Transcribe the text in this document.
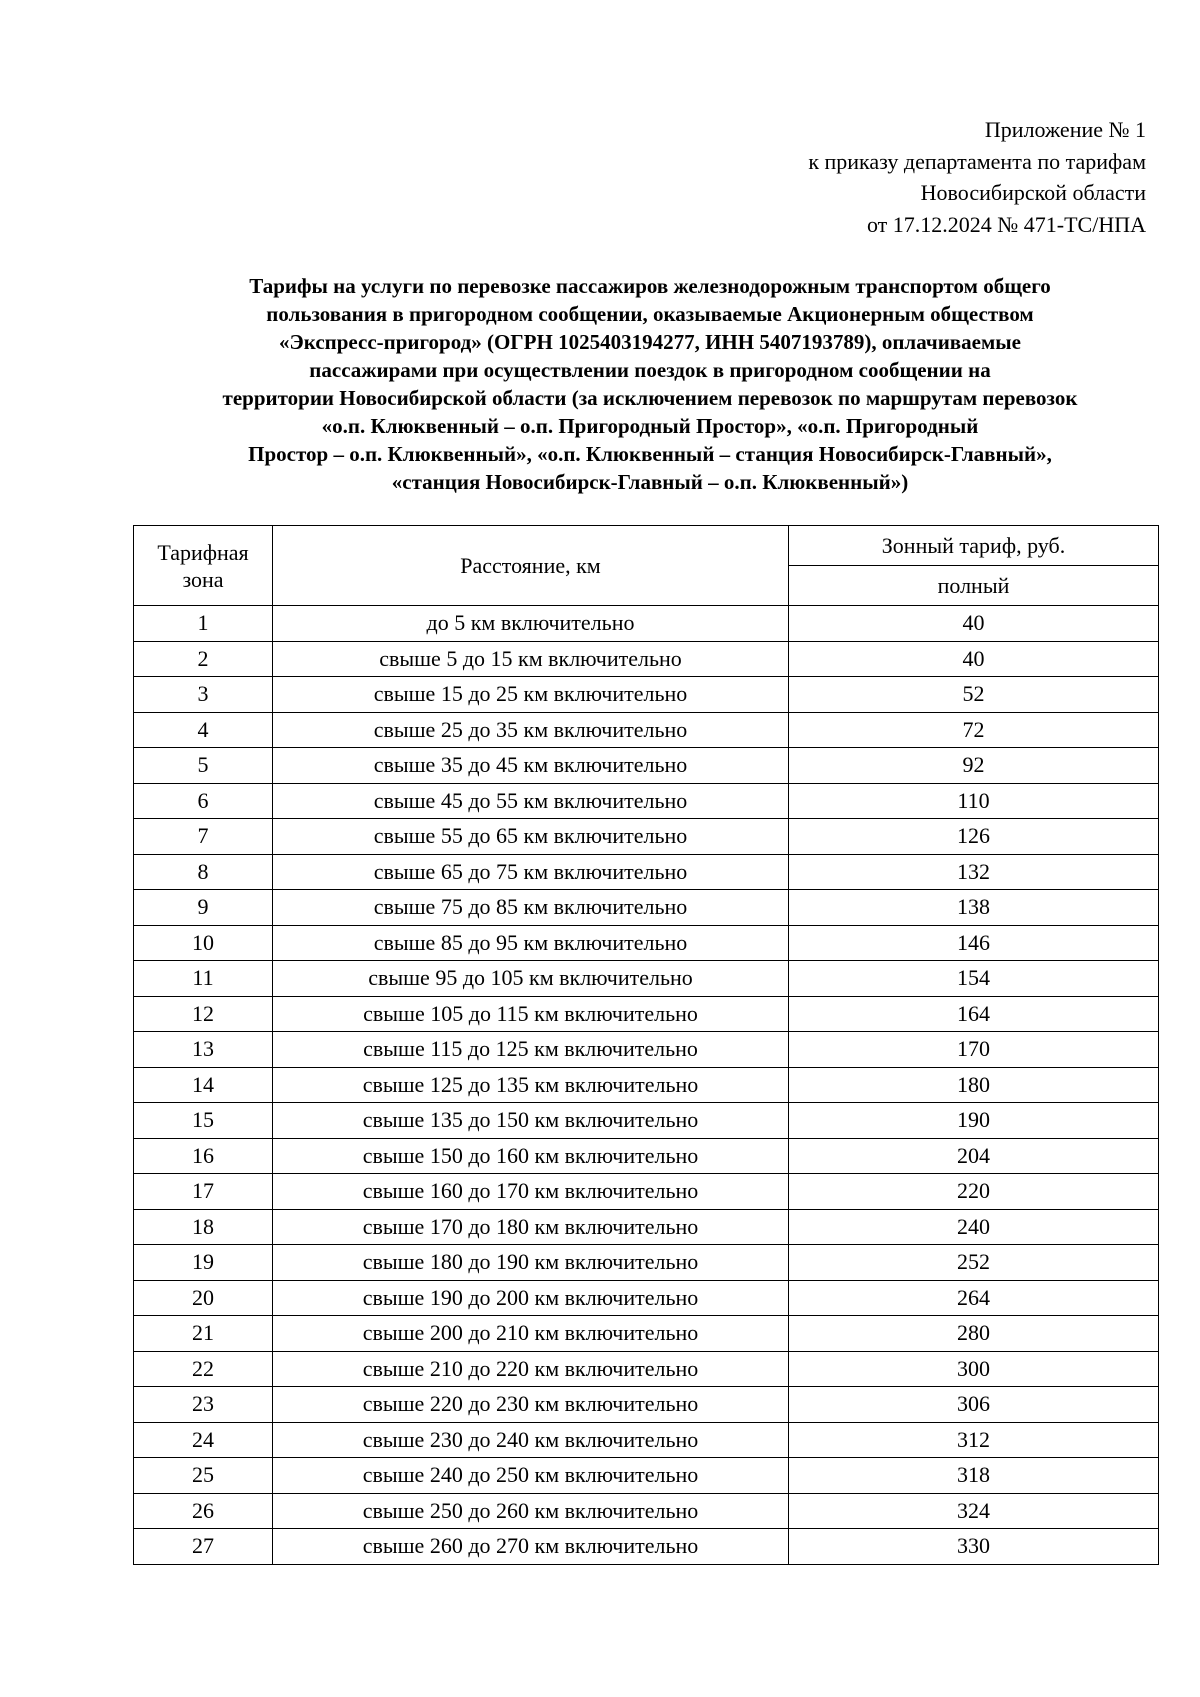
Приложение № 1
к приказу департамента по тарифам
Новосибирской области
от 17.12.2024 № 471-ТС/НПА
Тарифы на услуги по перевозке пассажиров железнодорожным транспортом общего
пользования в пригородном сообщении, оказываемые Акционерным обществом
«Экспресс-пригород» (ОГРН 1025403194277, ИНН 5407193789), оплачиваемые
пассажирами при осуществлении поездок в пригородном сообщении на
территории Новосибирской области (за исключением перевозок по маршрутам перевозок
«о.п. Клюквенный – о.п. Пригородный Простор», «о.п. Пригородный
Простор – о.п. Клюквенный», «о.п. Клюквенный – станция Новосибирск-Главный»,
«станция Новосибирск-Главный – о.п. Клюквенный»)
Тарифная
зона	Расстояние, км	Зонный тариф, руб.
		полный
1	до 5 км включительно	40
2	свыше 5 до 15 км включительно	40
3	свыше 15 до 25 км включительно	52
4	свыше 25 до 35 км включительно	72
5	свыше 35 до 45 км включительно	92
6	свыше 45 до 55 км включительно	110
7	свыше 55 до 65 км включительно	126
8	свыше 65 до 75 км включительно	132
9	свыше 75 до 85 км включительно	138
10	свыше 85 до 95 км включительно	146
11	свыше 95 до 105 км включительно	154
12	свыше 105 до 115 км включительно	164
13	свыше 115 до 125 км включительно	170
14	свыше 125 до 135 км включительно	180
15	свыше 135 до 150 км включительно	190
16	свыше 150 до 160 км включительно	204
17	свыше 160 до 170 км включительно	220
18	свыше 170 до 180 км включительно	240
19	свыше 180 до 190 км включительно	252
20	свыше 190 до 200 км включительно	264
21	свыше 200 до 210 км включительно	280
22	свыше 210 до 220 км включительно	300
23	свыше 220 до 230 км включительно	306
24	свыше 230 до 240 км включительно	312
25	свыше 240 до 250 км включительно	318
26	свыше 250 до 260 км включительно	324
27	свыше 260 до 270 км включительно	330
